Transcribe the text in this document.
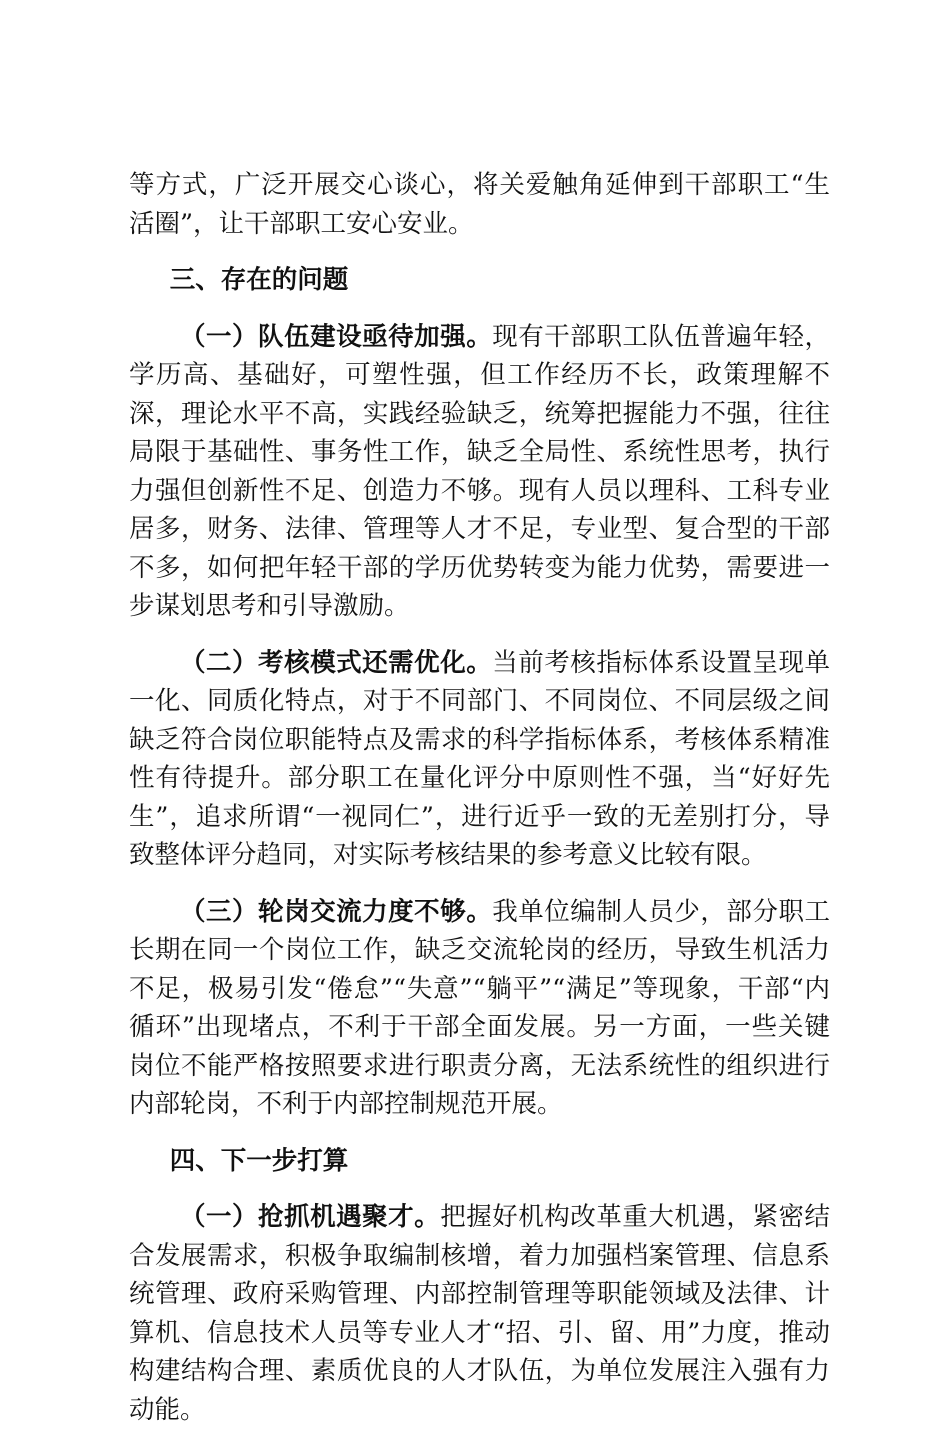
等方式，广泛开展交心谈心，将关爱触角延伸到干部职工“生活圈”，让干部职工安心安业。

三、存在的问题

（一）队伍建设亟待加强。现有干部职工队伍普遍年轻，学历高、基础好，可塑性强，但工作经历不长，政策理解不深，理论水平不高，实践经验缺乏，统筹把握能力不强，往往局限于基础性、事务性工作，缺乏全局性、系统性思考，执行力强但创新性不足、创造力不够。现有人员以理科、工科专业居多，财务、法律、管理等人才不足，专业型、复合型的干部不多，如何把年轻干部的学历优势转变为能力优势，需要进一步谋划思考和引导激励。

（二）考核模式还需优化。当前考核指标体系设置呈现单一化、同质化特点，对于不同部门、不同岗位、不同层级之间缺乏符合岗位职能特点及需求的科学指标体系，考核体系精准性有待提升。部分职工在量化评分中原则性不强，当“好好先生”，追求所谓“一视同仁”，进行近乎一致的无差别打分，导致整体评分趋同，对实际考核结果的参考意义比较有限。

（三）轮岗交流力度不够。我单位编制人员少，部分职工长期在同一个岗位工作，缺乏交流轮岗的经历，导致生机活力不足，极易引发“倦怠”“失意”“躺平”“满足”等现象，干部“内循环”出现堵点，不利于干部全面发展。另一方面，一些关键岗位不能严格按照要求进行职责分离，无法系统性的组织进行内部轮岗，不利于内部控制规范开展。

四、下一步打算

（一）抢抓机遇聚才。把握好机构改革重大机遇，紧密结合发展需求，积极争取编制核增，着力加强档案管理、信息系统管理、政府采购管理、内部控制管理等职能领域及法律、计算机、信息技术人员等专业人才“招、引、留、用”力度，推动构建结构合理、素质优良的人才队伍，为单位发展注入强有力动能。
